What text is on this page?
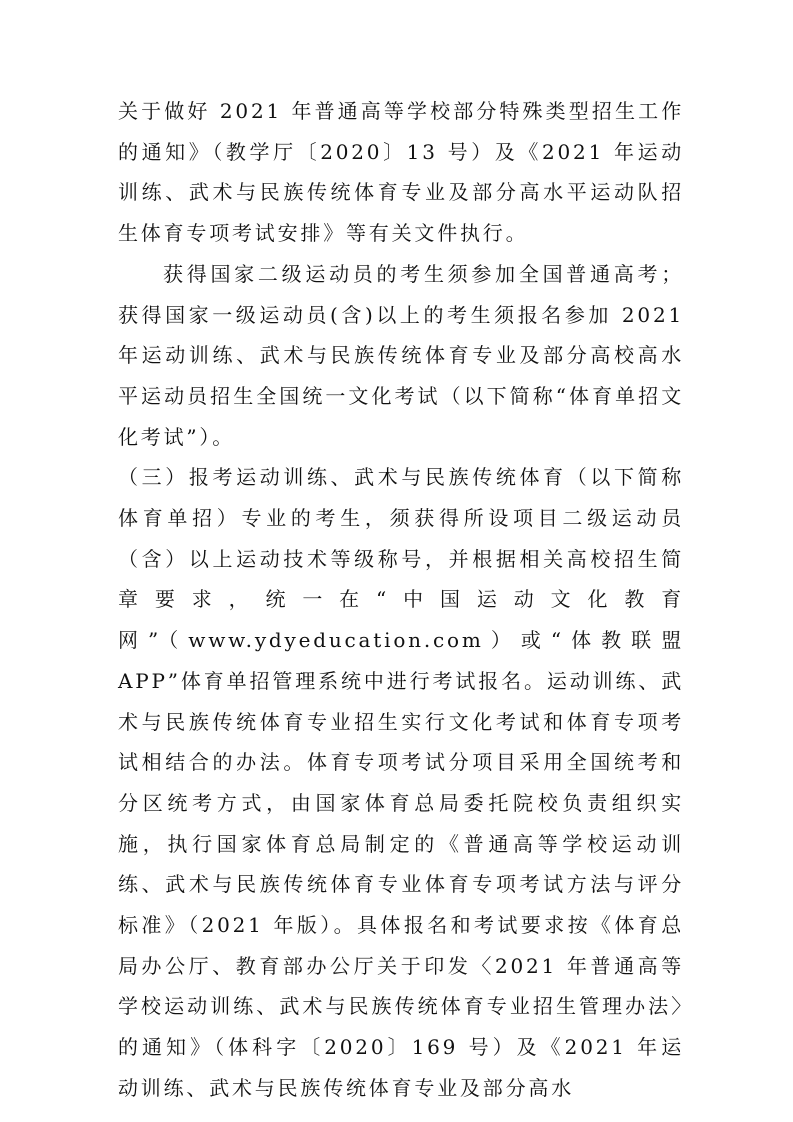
关于做好 2021 年普通高等学校部分特殊类型招生工作的通知》（教学厅〔2020〕13 号）及《2021 年运动训练、武术与民族传统体育专业及部分高水平运动队招生体育专项考试安排》等有关文件执行。

获得国家二级运动员的考生须参加全国普通高考；获得国家一级运动员(含)以上的考生须报名参加 2021 年运动训练、武术与民族传统体育专业及部分高校高水平运动员招生全国统一文化考试（以下简称“体育单招文化考试”）。

（三）报考运动训练、武术与民族传统体育（以下简称体育单招）专业的考生，须获得所设项目二级运动员（含）以上运动技术等级称号，并根据相关高校招生简章要求，统一在“中国运动文化教育网”（www.ydyeducation.com）或“体教联盟 APP”体育单招管理系统中进行考试报名。运动训练、武术与民族传统体育专业招生实行文化考试和体育专项考试相结合的办法。体育专项考试分项目采用全国统考和分区统考方式，由国家体育总局委托院校负责组织实施，执行国家体育总局制定的《普通高等学校运动训练、武术与民族传统体育专业体育专项考试方法与评分标准》（2021 年版）。具体报名和考试要求按《体育总局办公厅、教育部办公厅关于印发〈2021 年普通高等学校运动训练、武术与民族传统体育专业招生管理办法〉的通知》（体科字〔2020〕169 号）及《2021 年运动训练、武术与民族传统体育专业及部分高水
